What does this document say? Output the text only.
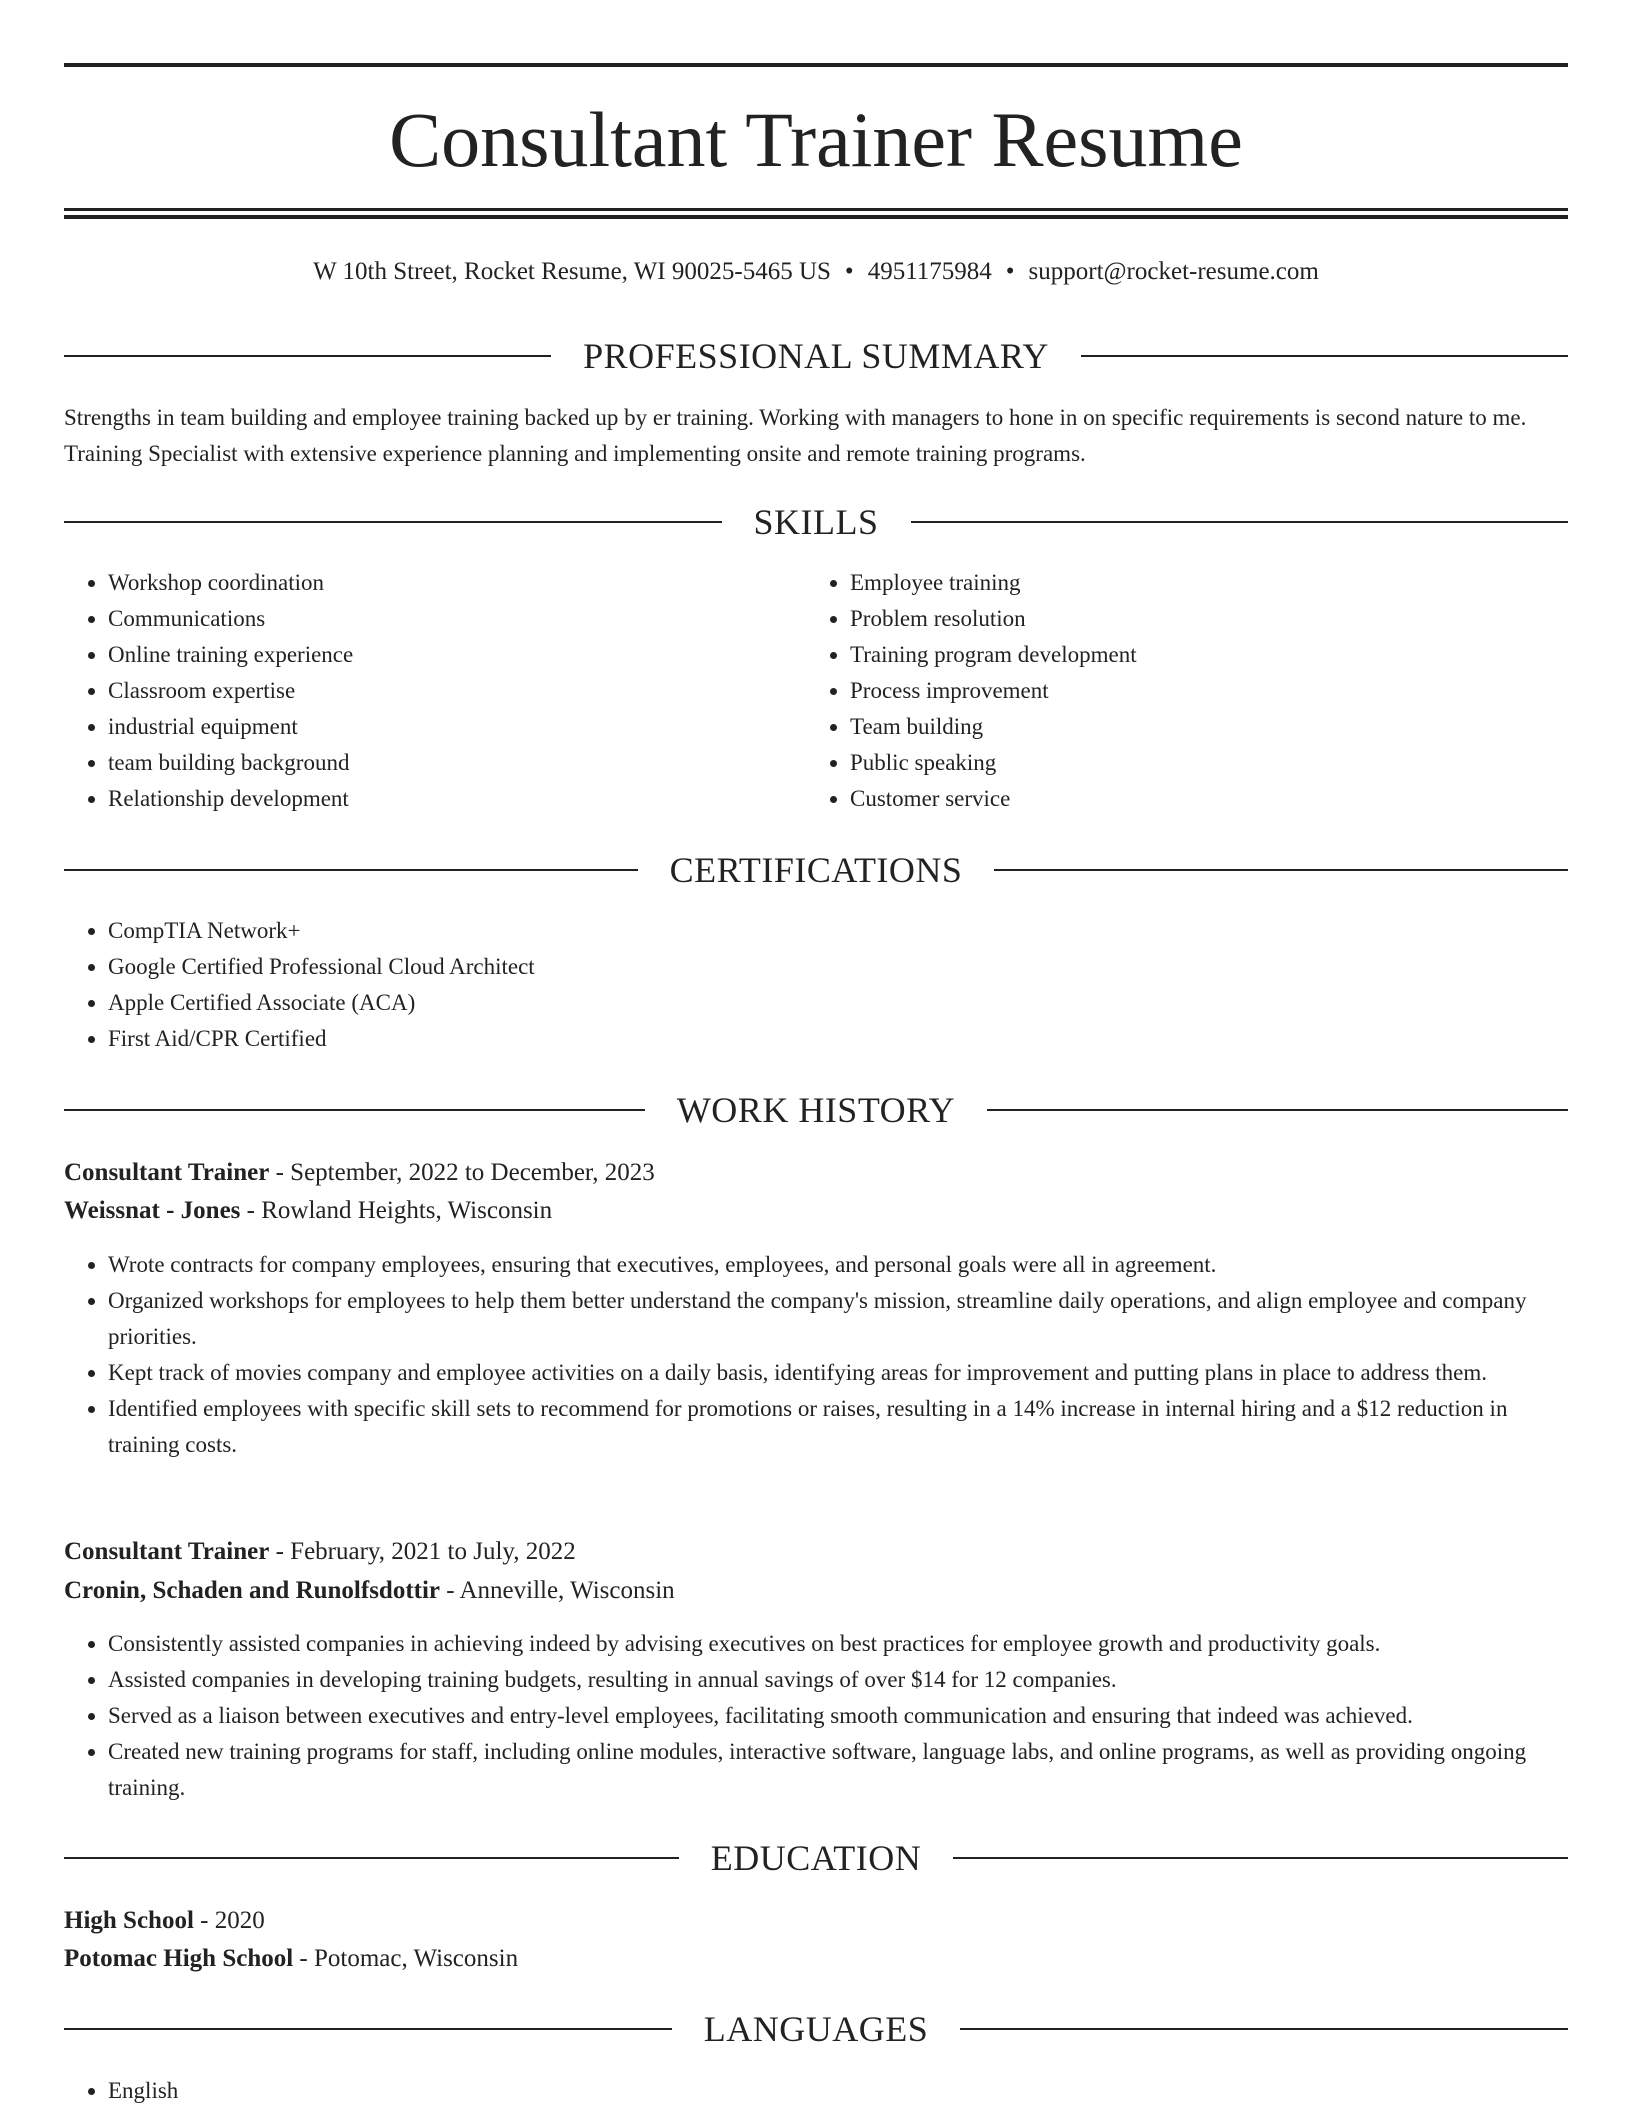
Consultant Trainer Resume
W 10th Street, Rocket Resume, WI 90025-5465 US • 4951175984 • support@rocket-resume.com
PROFESSIONAL SUMMARY

Strengths in team building and employee training backed up by er training. Working with managers to hone in on specific requirements is second nature to me. Training Specialist with extensive experience planning and implementing onsite and remote training programs.

SKILLS
• Workshop coordination
• Communications
• Online training experience
• Classroom expertise
• industrial equipment
• team building background
• Relationship development
• Employee training
• Problem resolution
• Training program development
• Process improvement
• Team building
• Public speaking
• Customer service
CERTIFICATIONS
• CompTIA Network+
• Google Certified Professional Cloud Architect
• Apple Certified Associate (ACA)
• First Aid/CPR Certified
WORK HISTORY
Consultant Trainer - September, 2022 to December, 2023
Weissnat - Jones - Rowland Heights, Wisconsin
• Wrote contracts for company employees, ensuring that executives, employees, and personal goals were all in agreement.
• Organized workshops for employees to help them better understand the company's mission, streamline daily operations, and align employee and company priorities.
• Kept track of movies company and employee activities on a daily basis, identifying areas for improvement and putting plans in place to address them.
• Identified employees with specific skill sets to recommend for promotions or raises, resulting in a 14% increase in internal hiring and a $12 reduction in training costs.
Consultant Trainer - February, 2021 to July, 2022
Cronin, Schaden and Runolfsdottir - Anneville, Wisconsin
• Consistently assisted companies in achieving indeed by advising executives on best practices for employee growth and productivity goals.
• Assisted companies in developing training budgets, resulting in annual savings of over $14 for 12 companies.
• Served as a liaison between executives and entry-level employees, facilitating smooth communication and ensuring that indeed was achieved.
• Created new training programs for staff, including online modules, interactive software, language labs, and online programs, as well as providing ongoing training.
EDUCATION
High School - 2020
Potomac High School - Potomac, Wisconsin
LANGUAGES
• English
